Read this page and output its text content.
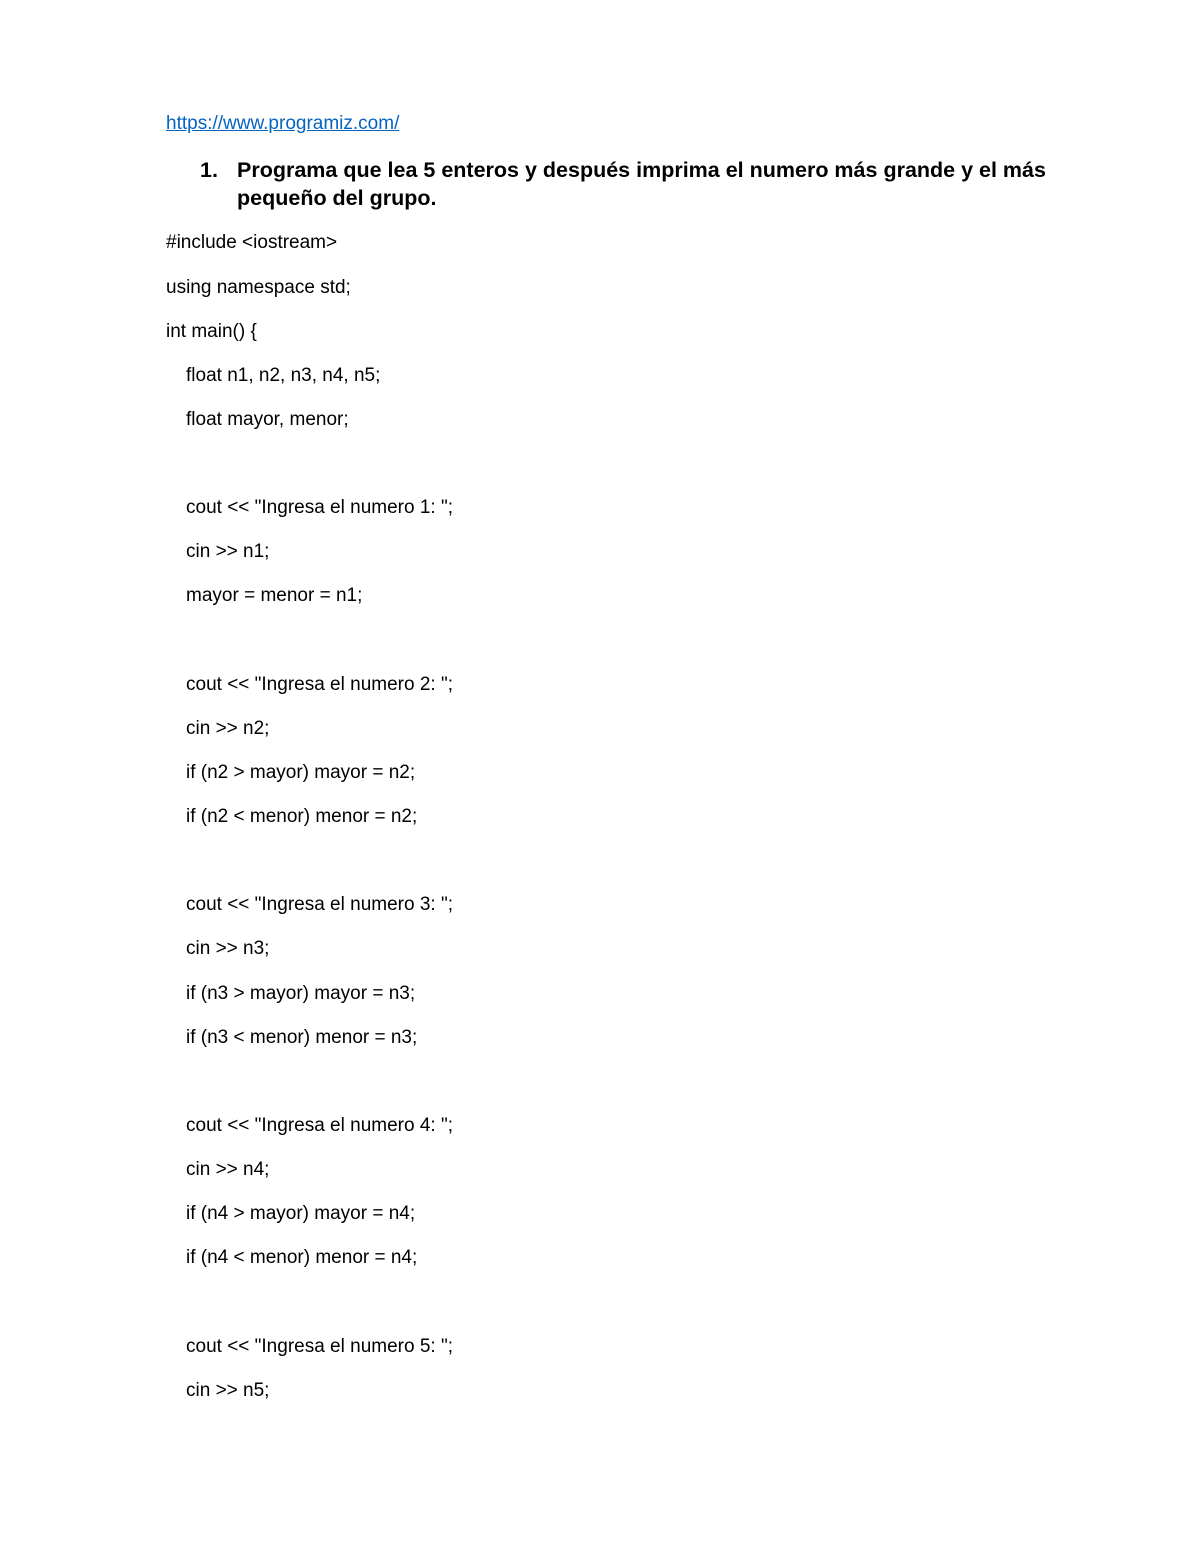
https://www.programiz.com/
1. Programa que lea 5 enteros y después imprima el numero más grande y el más pequeño del grupo.
#include <iostream>
using namespace std;
int main() {
float n1, n2, n3, n4, n5;
float mayor, menor;
cout << "Ingresa el numero 1: ";
cin >> n1;
mayor = menor = n1;
cout << "Ingresa el numero 2: ";
cin >> n2;
if (n2 > mayor) mayor = n2;
if (n2 < menor) menor = n2;
cout << "Ingresa el numero 3: ";
cin >> n3;
if (n3 > mayor) mayor = n3;
if (n3 < menor) menor = n3;
cout << "Ingresa el numero 4: ";
cin >> n4;
if (n4 > mayor) mayor = n4;
if (n4 < menor) menor = n4;
cout << "Ingresa el numero 5: ";
cin >> n5;
